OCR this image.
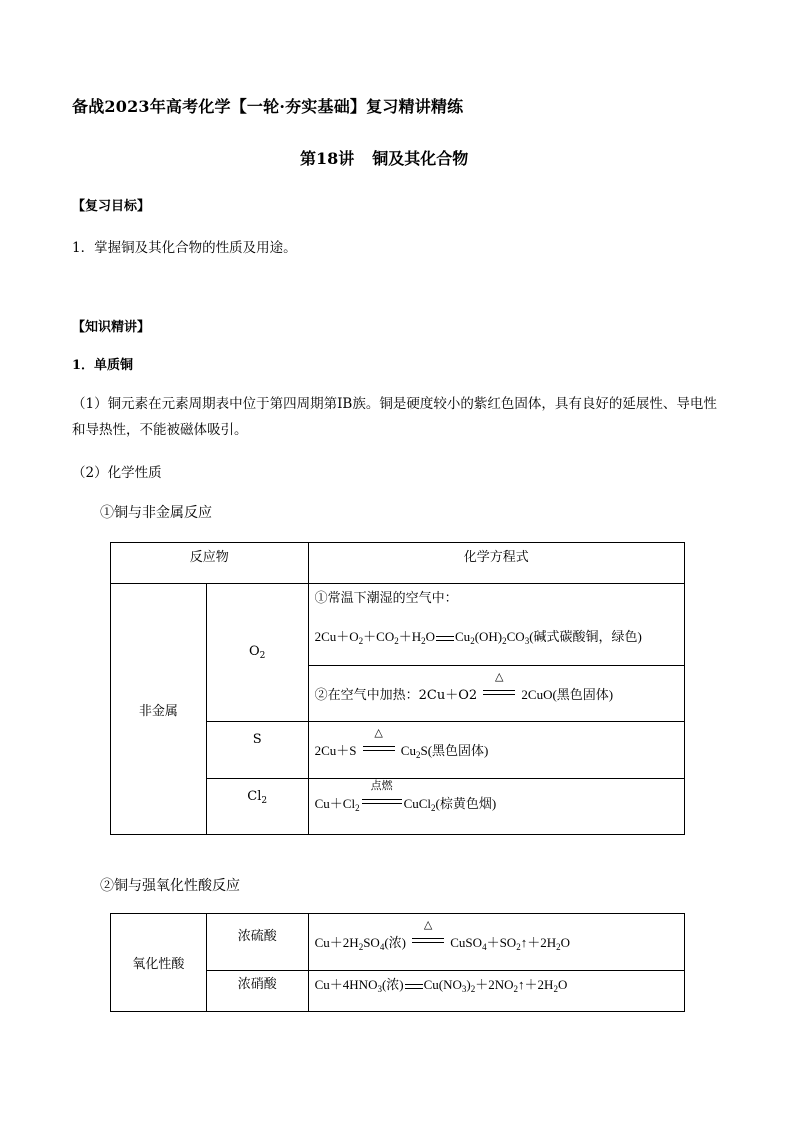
备战2023年高考化学【一轮·夯实基础】复习精讲精练
第18讲 铜及其化合物
【复习目标】
1．掌握铜及其化合物的性质及用途。
【知识精讲】
1．单质铜
（1）铜元素在元素周期表中位于第四周期第ⅠB族。铜是硬度较小的紫红色固体，具有良好的延展性、导电性和导热性，不能被磁体吸引。
（2）化学性质
①铜与非金属反应
反应物		化学方程式
非金属	$O_2$	①常温下潮湿的空气中：
$2Cu+O_2+CO_2+H_2O$ $Cu_2(OH)_2CO_3$(碱式碳酸铜，绿色)

		②在空气中加热：2Cu＋O2
△
2CuO(黑色固体)
	S	2Cu＋S
△
$Cu_2S$(黑色固体)
	$Cl_2$	$Cu+Cl_2$
点燃
CuCl$_2$(棕黄色烟)
②铜与强氧化性酸反应
氧化性酸	浓硫酸	$Cu+2H_2SO_4$(浓)
△
$CuSO_4+SO_2↑+2H_2O$
	浓硝酸	$Cu+4HNO_3$(浓) $Cu(NO_3)_2+2NO_2↑+2H_2O$
